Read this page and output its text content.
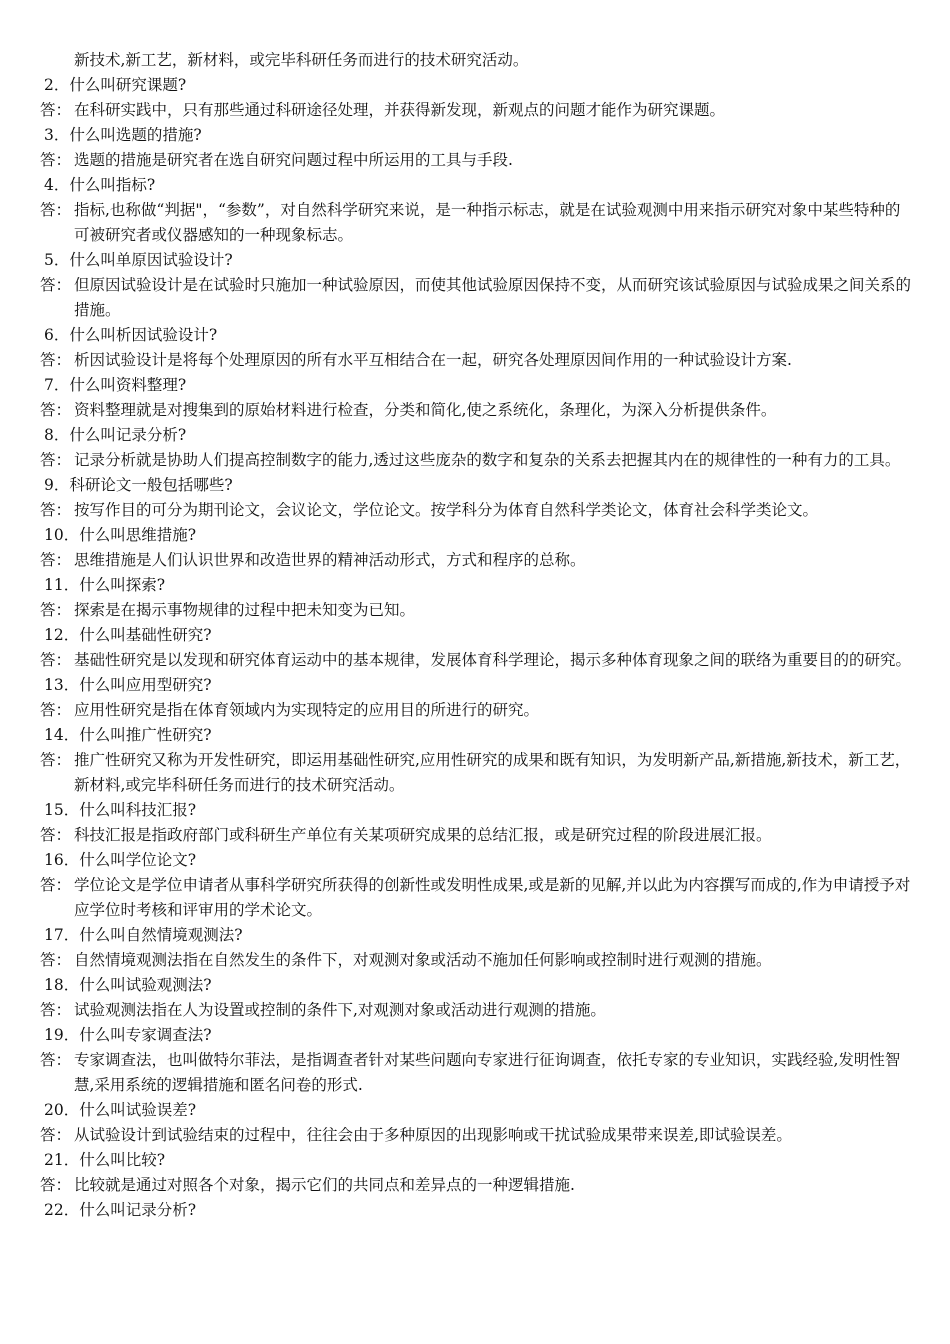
新技术,新工艺，新材料，或完毕科研任务而进行的技术研究活动。
2．什么叫研究课题?
答： 在科研实践中，只有那些通过科研途径处理，并获得新发现，新观点的问题才能作为研究课题。
3．什么叫选题的措施?
答： 选题的措施是研究者在选自研究问题过程中所运用的工具与手段.
4．什么叫指标?
答： 指标,也称做“判据"，“参数”，对自然科学研究来说，是一种指示标志，就是在试验观测中用来指示研究对象中某些特种的可被研究者或仪器感知的一种现象标志。
5．什么叫单原因试验设计?
答： 但原因试验设计是在试验时只施加一种试验原因，而使其他试验原因保持不变，从而研究该试验原因与试验成果之间关系的措施。
6．什么叫析因试验设计?
答： 析因试验设计是将每个处理原因的所有水平互相结合在一起，研究各处理原因间作用的一种试验设计方案.
7．什么叫资料整理?
答： 资料整理就是对搜集到的原始材料进行检查，分类和简化,使之系统化，条理化，为深入分析提供条件。
8．什么叫记录分析?
答： 记录分析就是协助人们提高控制数字的能力,透过这些庞杂的数字和复杂的关系去把握其内在的规律性的一种有力的工具。
9．科研论文一般包括哪些?
答： 按写作目的可分为期刊论文，会议论文，学位论文。按学科分为体育自然科学类论文，体育社会科学类论文。
10．什么叫思维措施?
答： 思维措施是人们认识世界和改造世界的精神活动形式，方式和程序的总称。
11．什么叫探索?
答： 探索是在揭示事物规律的过程中把未知变为已知。
12．什么叫基础性研究?
答： 基础性研究是以发现和研究体育运动中的基本规律，发展体育科学理论，揭示多种体育现象之间的联络为重要目的的研究。
13．什么叫应用型研究?
答： 应用性研究是指在体育领域内为实现特定的应用目的所进行的研究。
14．什么叫推广性研究?
答： 推广性研究又称为开发性研究，即运用基础性研究,应用性研究的成果和既有知识，为发明新产品,新措施,新技术，新工艺，新材料,或完毕科研任务而进行的技术研究活动。
15．什么叫科技汇报?
答： 科技汇报是指政府部门或科研生产单位有关某项研究成果的总结汇报，或是研究过程的阶段进展汇报。
16．什么叫学位论文?
答： 学位论文是学位申请者从事科学研究所获得的创新性或发明性成果,或是新的见解,并以此为内容撰写而成的,作为申请授予对应学位时考核和评审用的学术论文。
17．什么叫自然情境观测法?
答： 自然情境观测法指在自然发生的条件下，对观测对象或活动不施加任何影响或控制时进行观测的措施。
18．什么叫试验观测法?
答： 试验观测法指在人为设置或控制的条件下,对观测对象或活动进行观测的措施。
19．什么叫专家调查法?
答： 专家调查法，也叫做特尔菲法，是指调查者针对某些问题向专家进行征询调查，依托专家的专业知识，实践经验,发明性智慧,采用系统的逻辑措施和匿名问卷的形式.
20．什么叫试验误差?
答： 从试验设计到试验结束的过程中，往往会由于多种原因的出现影响或干扰试验成果带来误差,即试验误差。
21．什么叫比较?
答： 比较就是通过对照各个对象，揭示它们的共同点和差异点的一种逻辑措施.
22．什么叫记录分析?
